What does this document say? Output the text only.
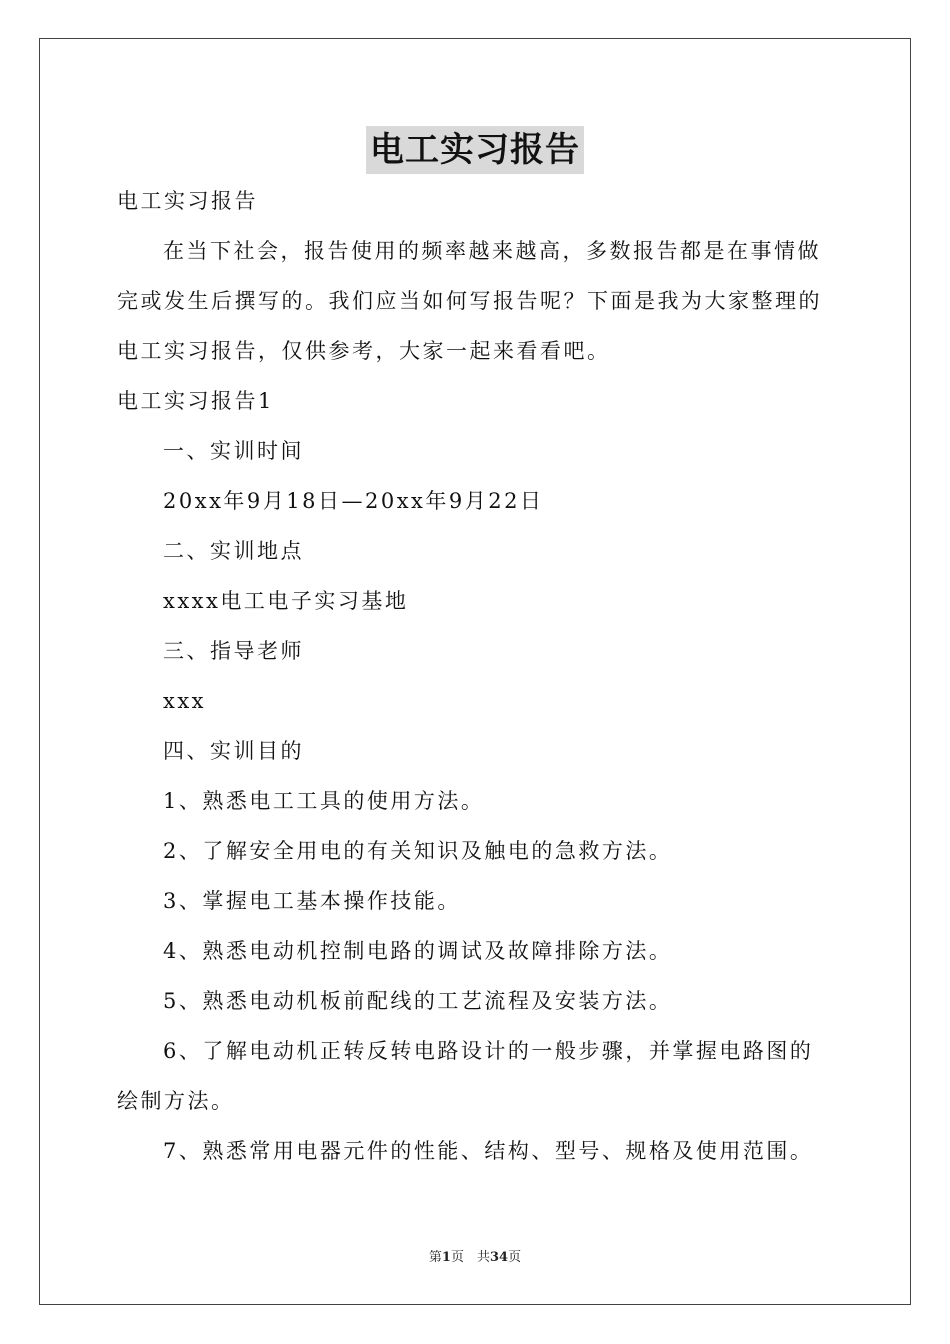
电工实习报告

电工实习报告

在当下社会，报告使用的频率越来越高，多数报告都是在事情做

完或发生后撰写的。我们应当如何写报告呢？下面是我为大家整理的

电工实习报告，仅供参考，大家一起来看看吧。

电工实习报告1

一、实训时间

20xx年9月18日—20xx年9月22日

二、实训地点

xxxx电工电子实习基地

三、指导老师

xxx

四、实训目的

1、熟悉电工工具的使用方法。

2、了解安全用电的有关知识及触电的急救方法。

3、掌握电工基本操作技能。

4、熟悉电动机控制电路的调试及故障排除方法。

5、熟悉电动机板前配线的工艺流程及安装方法。

6、了解电动机正转反转电路设计的一般步骤，并掌握电路图的

绘制方法。

7、熟悉常用电器元件的性能、结构、型号、规格及使用范围。

第1页　共34页
